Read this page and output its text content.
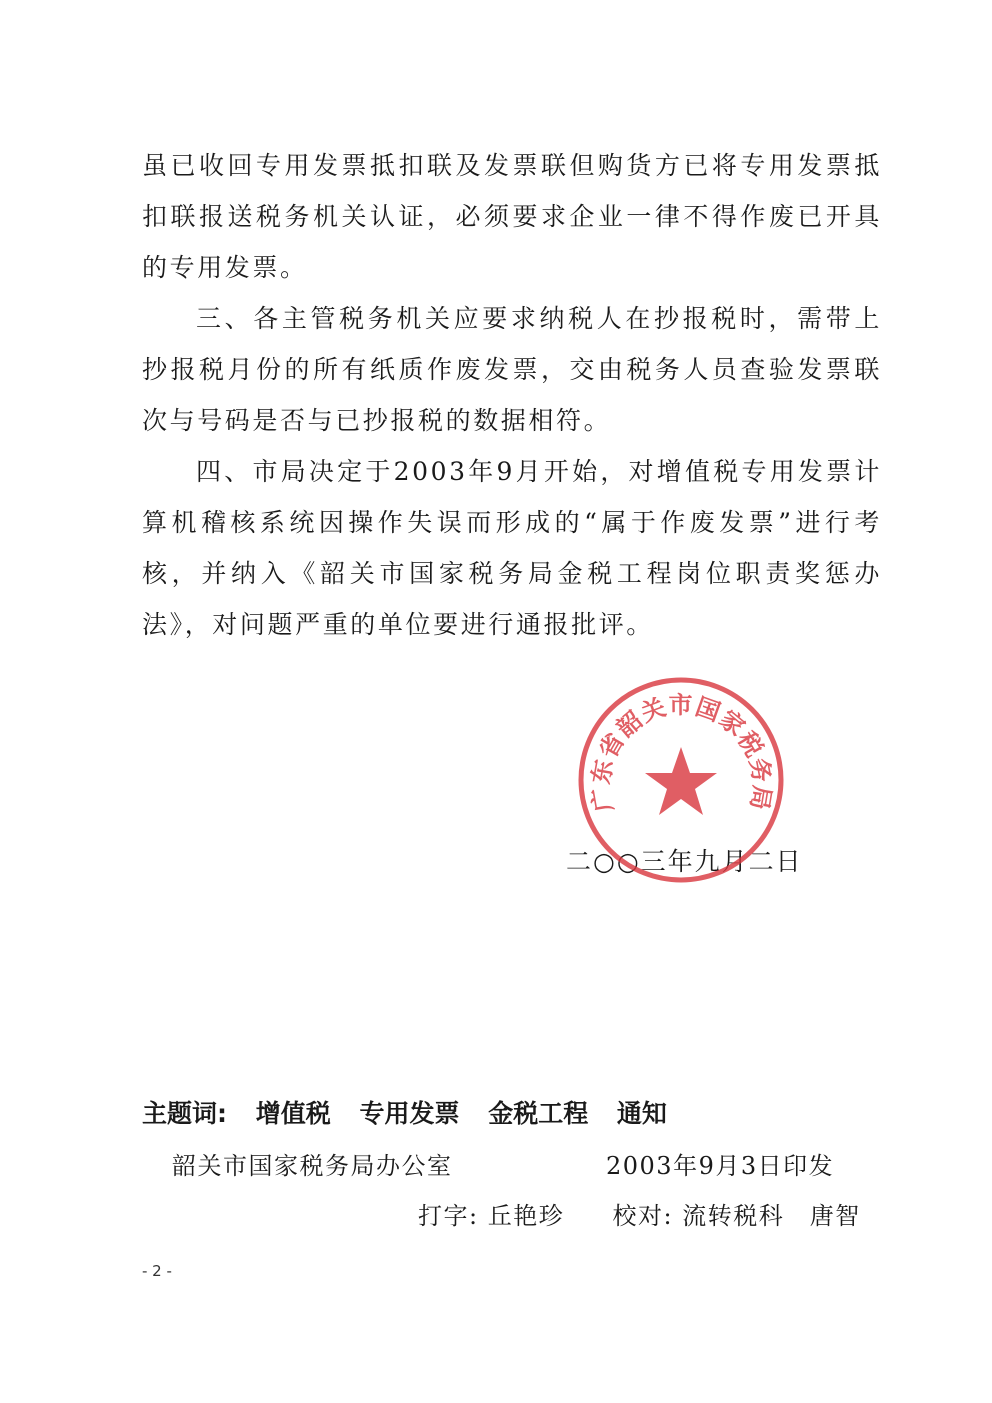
虽已收回专用发票抵扣联及发票联但购货方已将专用发票抵扣联报送税务机关认证，必须要求企业一律不得作废已开具的专用发票。

三、各主管税务机关应要求纳税人在抄报税时，需带上抄报税月份的所有纸质作废发票，交由税务人员查验发票联次与号码是否与已抄报税的数据相符。

四、市局决定于2003年9月开始，对增值税专用发票计算机稽核系统因操作失误而形成的“属于作废发票”进行考核，并纳入《韶关市国家税务局金税工程岗位职责奖惩办法》，对问题严重的单位要进行通报批评。

二○○三年九月二日
广东省韶关市国家税务局
主题词: 增值税 专用发票 金税工程 通知
韶关市国家税务局办公室	2003年9月3日印发
打字: 丘艳珍 校对: 流转税科　唐智
- 2 -
